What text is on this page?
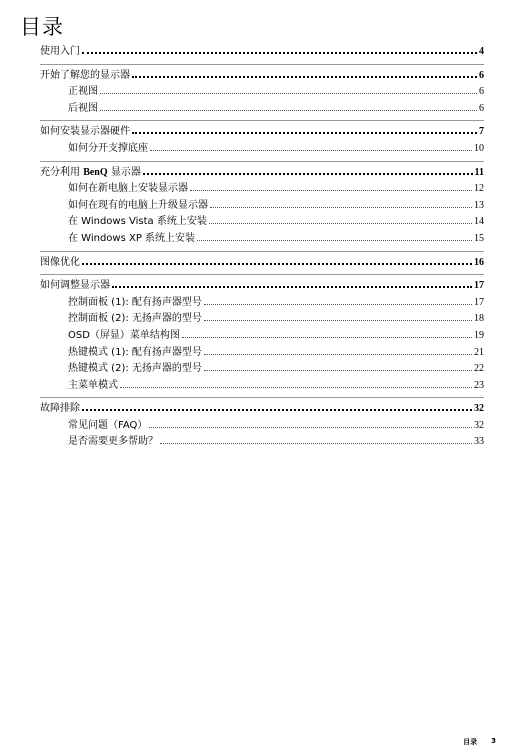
目录
使用入门	4
开始了解您的显示器	6
正视图	6
后视图	6
如何安装显示器硬件	7
如何分开支撑底座	10
充分利用 BenQ 显示器	11
如何在新电脑上安装显示器	12
如何在现有的电脑上升级显示器	13
在 Windows Vista 系统上安装	14
在 Windows XP 系统上安装	15
图像优化	16
如何调整显示器	17
控制面板 (1): 配有扬声器型号	17
控制面板 (2): 无扬声器的型号	18
OSD（屏显）菜单结构图	19
热键模式 (1): 配有扬声器型号	21
热键模式 (2): 无扬声器的型号	22
主菜单模式	23
故障排除	32
常见问题（FAQ）	32
是否需要更多帮助？	33
目录 3
